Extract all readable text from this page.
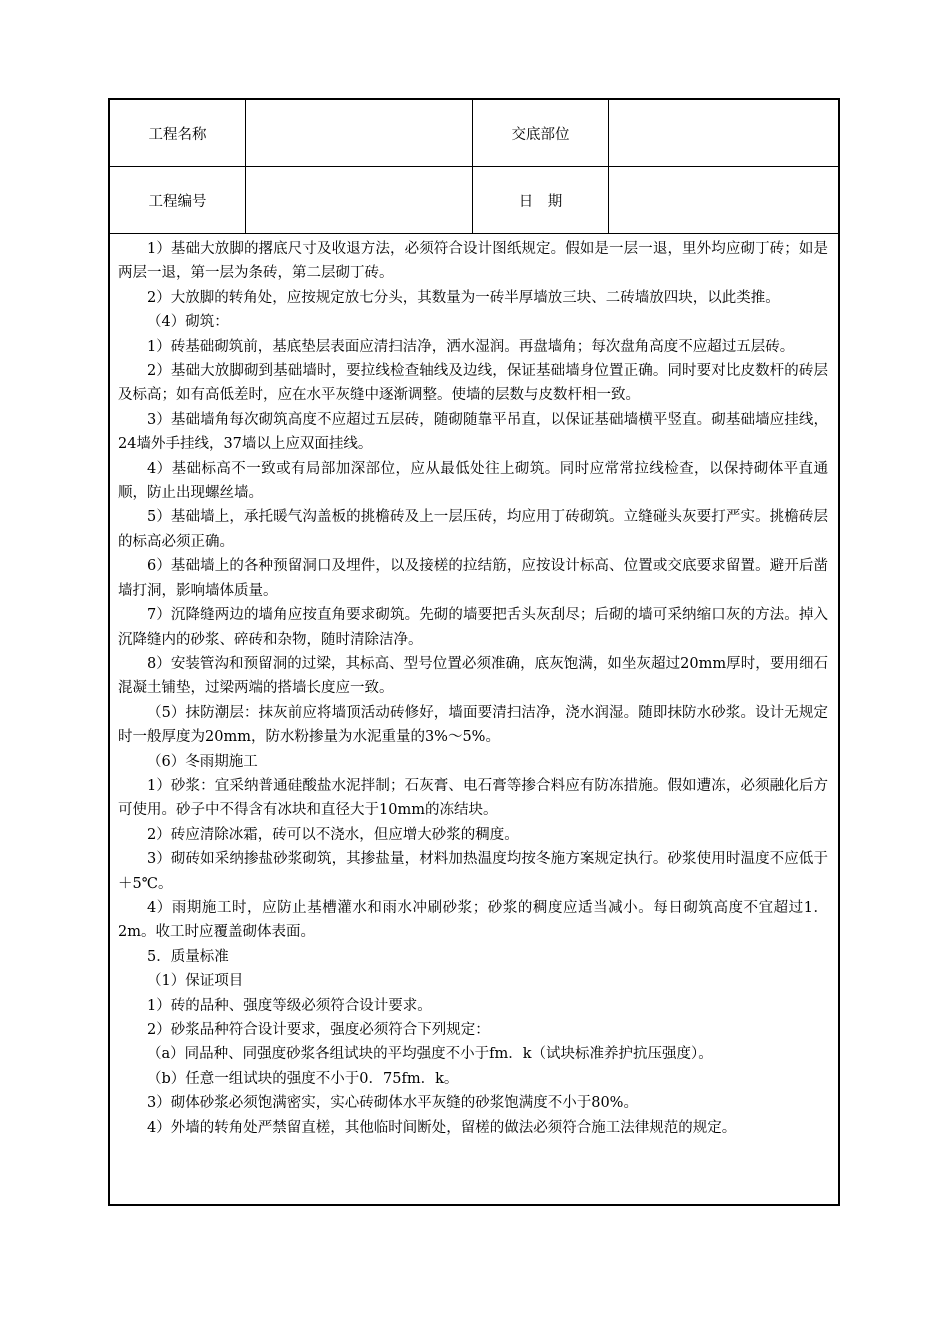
工程名称	交底部位
工程编号	日　期

1）基础大放脚的撂底尺寸及收退方法，必须符合设计图纸规定。假如是一层一退，里外均应砌丁砖；如是两层一退，第一层为条砖，第二层砌丁砖。

2）大放脚的转角处，应按规定放七分头，其数量为一砖半厚墙放三块、二砖墙放四块，以此类推。

（4）砌筑：

1）砖基础砌筑前，基底垫层表面应清扫洁净，洒水湿润。再盘墙角；每次盘角高度不应超过五层砖。

2）基础大放脚砌到基础墙时，要拉线检查轴线及边线，保证基础墙身位置正确。同时要对比皮数杆的砖层及标高；如有高低差时，应在水平灰缝中逐渐调整。使墙的层数与皮数杆相一致。

3）基础墙角每次砌筑高度不应超过五层砖，随砌随靠平吊直，以保证基础墙横平竖直。砌基础墙应挂线，24墙外手挂线，37墙以上应双面挂线。

4）基础标高不一致或有局部加深部位，应从最低处往上砌筑。同时应常常拉线检查，以保持砌体平直通顺，防止出现螺丝墙。

5）基础墙上，承托暖气沟盖板的挑檐砖及上一层压砖，均应用丁砖砌筑。立缝碰头灰要打严实。挑檐砖层的标高必须正确。

6）基础墙上的各种预留洞口及埋件，以及接槎的拉结筋，应按设计标高、位置或交底要求留置。避开后凿墙打洞，影响墙体质量。

7）沉降缝两边的墙角应按直角要求砌筑。先砌的墙要把舌头灰刮尽；后砌的墙可采纳缩口灰的方法。掉入沉降缝内的砂浆、碎砖和杂物，随时清除洁净。

8）安装管沟和预留洞的过梁，其标高、型号位置必须准确，底灰饱满，如坐灰超过20mm厚时，要用细石混凝土铺垫，过梁两端的搭墙长度应一致。

（5）抹防潮层：抹灰前应将墙顶活动砖修好，墙面要清扫洁净，浇水润湿。随即抹防水砂浆。设计无规定时一般厚度为20mm，防水粉掺量为水泥重量的3%～5%。

（6）冬雨期施工

1）砂浆：宜采纳普通硅酸盐水泥拌制；石灰膏、电石膏等掺合料应有防冻措施。假如遭冻，必须融化后方可使用。砂子中不得含有冰块和直径大于10mm的冻结块。

2）砖应清除冰霜，砖可以不浇水，但应增大砂浆的稠度。

3）砌砖如采纳掺盐砂浆砌筑，其掺盐量，材料加热温度均按冬施方案规定执行。砂浆使用时温度不应低于＋5℃。

4）雨期施工时，应防止基槽灌水和雨水冲刷砂浆；砂浆的稠度应适当减小。每日砌筑高度不宜超过1．2m。收工时应覆盖砌体表面。

5．质量标准

（1）保证项目

1）砖的品种、强度等级必须符合设计要求。

2）砂浆品种符合设计要求，强度必须符合下列规定：

（a）同品种、同强度砂浆各组试块的平均强度不小于fm．k（试块标准养护抗压强度）。

（b）任意一组试块的强度不小于0．75fm．k。

3）砌体砂浆必须饱满密实，实心砖砌体水平灰缝的砂浆饱满度不小于80%。

4）外墙的转角处严禁留直槎，其他临时间断处，留槎的做法必须符合施工法律规范的规定。
